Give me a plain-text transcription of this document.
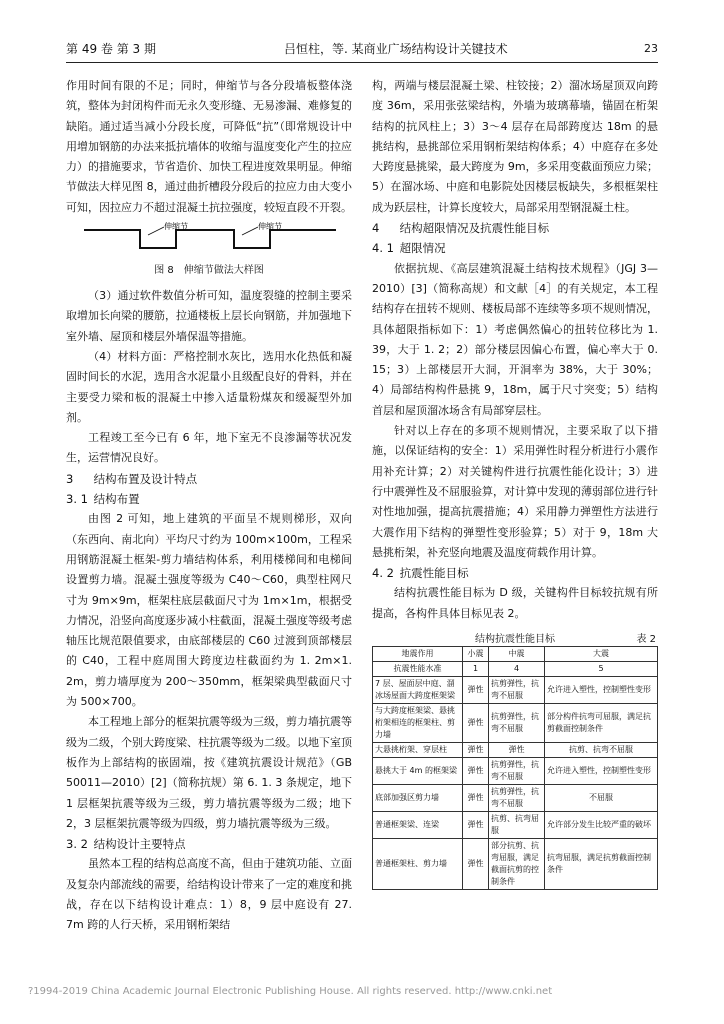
第 49 卷 第 3 期	吕恒柱，等. 某商业广场结构设计关键技术	23

作用时间有限的不足；同时，伸缩节与各分段墙板整体浇筑，整体为封闭构件而无永久变形缝、无易渗漏、难修复的缺陷。通过适当减小分段长度，可降低“抗”（即常规设计中用增加钢筋的办法来抵抗墙体的收缩与温度变化产生的拉应力）的措施要求，节省造价、加快工程进度效果明显。伸缩节做法大样见图 8，通过曲折槽段分段后的拉应力由大变小可知，因拉应力不超过混凝土抗拉强度，较短直段不开裂。

伸缩节	伸缩节
图 8　伸缩节做法大样图

（3）通过软件数值分析可知，温度裂缝的控制主要采取增加长向梁的腰筋，拉通楼板上层长向钢筋，并加强地下室外墙、屋顶和楼层外墙保温等措施。

（4）材料方面：严格控制水灰比，选用水化热低和凝固时间长的水泥，选用含水泥量小且级配良好的骨料，并在主要受力梁和板的混凝土中掺入适量粉煤灰和缓凝型外加剂。

工程竣工至今已有 6 年，地下室无不良渗漏等状况发生，运营情况良好。

3 结构布置及设计特点
3. 1 结构布置

由图 2 可知，地上建筑的平面呈不规则梯形，双向（东西向、南北向）平均尺寸约为 100m×100m，工程采用钢筋混凝土框架-剪力墙结构体系，利用楼梯间和电梯间设置剪力墙。混凝土强度等级为 C40～C60，典型柱网尺寸为 9m×9m，框架柱底层截面尺寸为 1m×1m，根据受力情况，沿竖向高度逐步减小柱截面，混凝土强度等级考虑轴压比规范限值要求，由底部楼层的 C60 过渡到顶部楼层的 C40，工程中庭周围大跨度边柱截面约为 1. 2m×1. 2m，剪力墙厚度为 200～350mm，框架梁典型截面尺寸为 500×700。

本工程地上部分的框架抗震等级为三级，剪力墙抗震等级为二级，个别大跨度梁、柱抗震等级为二级。以地下室顶板作为上部结构的嵌固端，按《建筑抗震设计规范》（GB 50011—2010）[2]（简称抗规）第 6. 1. 3 条规定，地下 1 层框架抗震等级为三级，剪力墙抗震等级为二级；地下 2，3 层框架抗震等级为四级，剪力墙抗震等级为三级。

3. 2 结构设计主要特点

虽然本工程的结构总高度不高，但由于建筑功能、立面及复杂内部流线的需要，给结构设计带来了一定的难度和挑战，存在以下结构设计难点：1）8，9 层中庭设有 27. 7m 跨的人行天桥，采用钢桁架结

构，两端与楼层混凝土梁、柱铰接；2）溜冰场屋顶双向跨度 36m，采用张弦梁结构，外墙为玻璃幕墙，锚固在桁架结构的抗风柱上；3）3～4 层存在局部跨度达 18m 的悬挑结构，悬挑部位采用钢桁架结构体系；4）中庭存在多处大跨度悬挑梁，最大跨度为 9m，多采用变截面预应力梁；5）在溜冰场、中庭和电影院处因楼层板缺失，多根框架柱成为跃层柱，计算长度较大，局部采用型钢混凝土柱。

4 结构超限情况及抗震性能目标
4. 1 超限情况

依据抗规、《高层建筑混凝土结构技术规程》（JGJ 3—2010）[3]（简称高规）和文献［4］的有关规定，本工程结构存在扭转不规则、楼板局部不连续等多项不规则情况，具体超限指标如下：1）考虑偶然偏心的扭转位移比为 1. 39，大于 1. 2；2）部分楼层因偏心布置，偏心率大于 0. 15；3）上部楼层开大洞，开洞率为 38%，大于 30%；4）局部结构构件悬挑 9，18m，属于尺寸突变；5）结构首层和屋顶溜冰场含有局部穿层柱。

针对以上存在的多项不规则情况，主要采取了以下措施，以保证结构的安全：1）采用弹性时程分析进行小震作用补充计算；2）对关键构件进行抗震性能化设计；3）进行中震弹性及不屈服验算，对计算中发现的薄弱部位进行针对性地加强，提高抗震措施；4）采用静力弹塑性方法进行大震作用下结构的弹塑性变形验算；5）对于 9，18m 大悬挑桁架，补充竖向地震及温度荷载作用计算。

4. 2 抗震性能目标

结构抗震性能目标为 D 级，关键构件目标较抗规有所提高，各构件具体目标见表 2。

结构抗震性能目标	表 2
地震作用	小震	中震	大震
抗震性能水准	1	4	5
7 层、屋面层中庭、溜冰场屋面大跨度框架梁	弹性	抗剪弹性，抗弯不屈服	允许进入塑性，控制塑性变形
与大跨度框架梁、悬挑桁架相连的框架柱、剪力墙	弹性	抗剪弹性，抗弯不屈服	部分构件抗弯可屈服，满足抗剪截面控制条件
大悬挑桁架、穿层柱	弹性	弹性	抗剪、抗弯不屈服
悬挑大于 4m 的框架梁	弹性	抗剪弹性，抗弯不屈服	允许进入塑性，控制塑性变形
底部加强区剪力墙	弹性	抗剪弹性，抗弯不屈服	不屈服
普通框架梁、连梁	弹性	抗剪、抗弯屈服	允许部分发生比较严重的破坏
普通框架柱、剪力墙	弹性	部分抗剪、抗弯屈服，满足截面抗剪的控制条件	抗弯屈服，满足抗剪截面控制条件
?1994-2019 China Academic Journal Electronic Publishing House. All rights reserved. http://www.cnki.net
